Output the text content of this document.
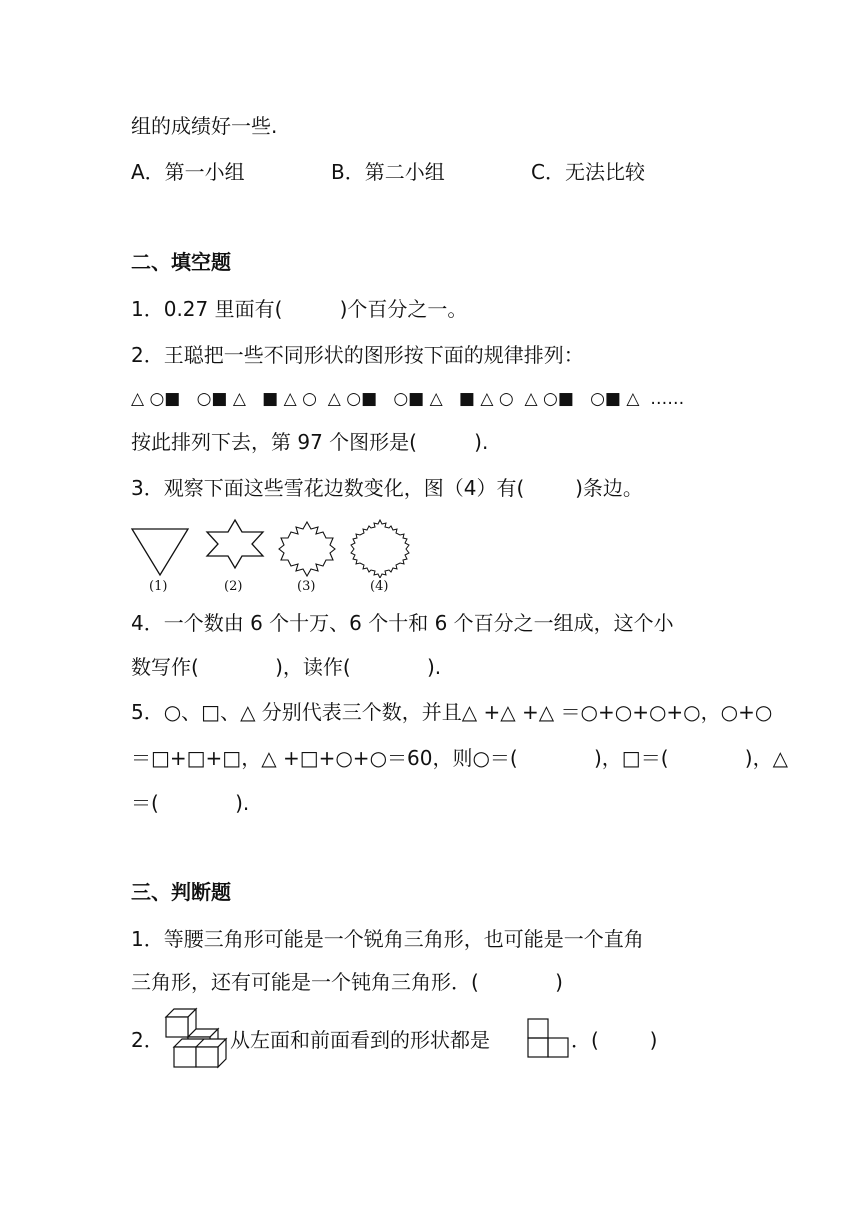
组的成绩好一些.
A．第一小组	B．第二小组	C．无法比较
二、填空题
1．0.27 里面有(         )个百分之一。
2．王聪把一些不同形状的图形按下面的规律排列：
△ ○■   ○■ △   ■ △ ○  △ ○■   ○■ △   ■ △ ○  △ ○■   ○■ △  ……
按此排列下去，第 97 个图形是(         ).
3．观察下面这些雪花边数变化，图（4）有(        )条边。
(1)	(2)	(3)	(4)
4．一个数由 6 个十万、6 个十和 6 个百分之一组成，这个小
数写作(            )，读作(            ).
5．○、□、△ 分别代表三个数，并且△ +△ +△ ＝○+○+○+○，○+○
＝□+□+□，△ +□+○+○＝60，则○＝(            )，□＝(            )，△
＝(            ).
三、判断题
1．等腰三角形可能是一个锐角三角形，也可能是一个直角
三角形，还有可能是一个钝角三角形．(            )
2．	从左面和前面看到的形状都是	．(        )
